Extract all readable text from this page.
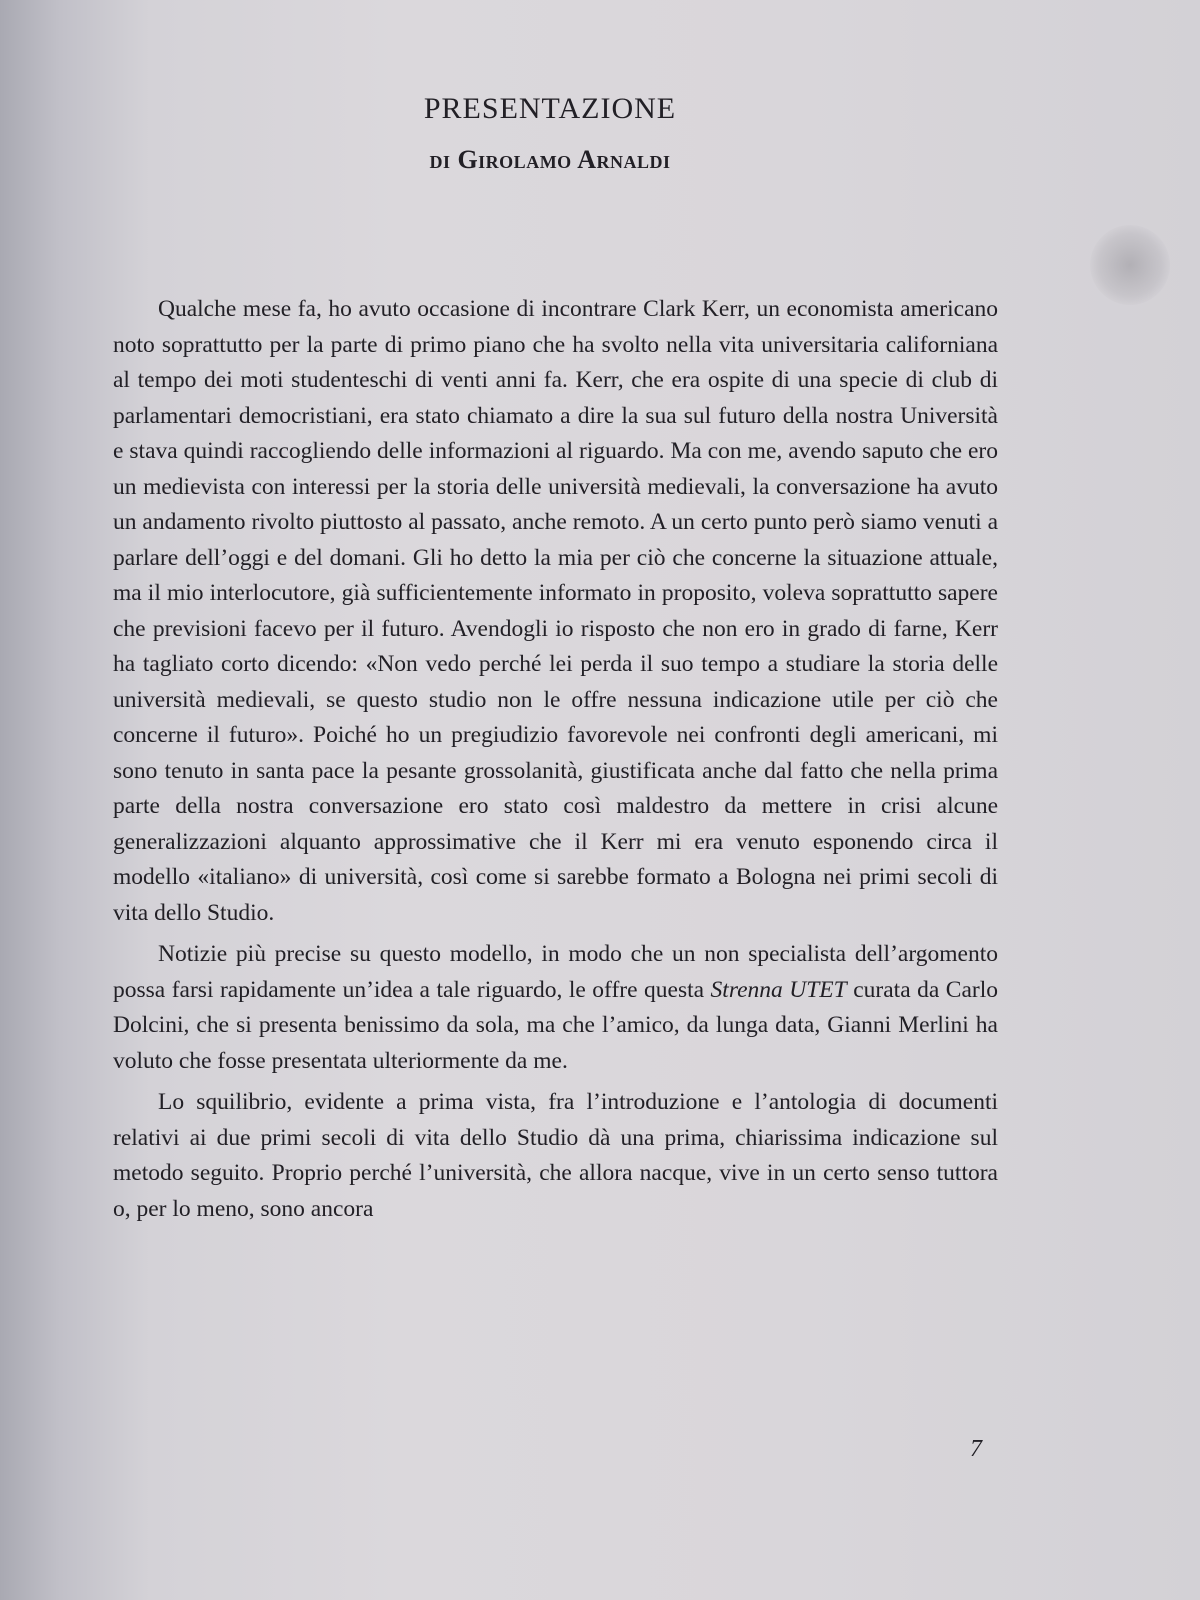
PRESENTAZIONE
di Girolamo Arnaldi

Qualche mese fa, ho avuto occasione di incontrare Clark Kerr, un economista americano noto soprattutto per la parte di primo piano che ha svolto nella vita universitaria californiana al tempo dei moti studenteschi di venti anni fa. Kerr, che era ospite di una specie di club di parlamentari democristiani, era stato chiamato a dire la sua sul futuro della nostra Università e stava quindi raccogliendo delle informazioni al riguardo. Ma con me, avendo saputo che ero un medievista con interessi per la storia delle università medievali, la conversazione ha avuto un andamento rivolto piuttosto al passato, anche remoto. A un certo punto però siamo venuti a parlare dell’oggi e del domani. Gli ho detto la mia per ciò che concerne la situazione attuale, ma il mio interlocutore, già sufficientemente informato in proposito, voleva soprattutto sapere che previsioni facevo per il futuro. Avendogli io risposto che non ero in grado di farne, Kerr ha tagliato corto dicendo: «Non vedo perché lei perda il suo tempo a studiare la storia delle università medievali, se questo studio non le offre nessuna indicazione utile per ciò che concerne il futuro». Poiché ho un pregiudizio favorevole nei confronti degli americani, mi sono tenuto in santa pace la pesante grossolanità, giustificata anche dal fatto che nella prima parte della nostra conversazione ero stato così maldestro da mettere in crisi alcune generalizzazioni alquanto approssimative che il Kerr mi era venuto esponendo circa il modello «italiano» di università, così come si sarebbe formato a Bologna nei primi secoli di vita dello Studio.

Notizie più precise su questo modello, in modo che un non specialista dell’argomento possa farsi rapidamente un’idea a tale riguardo, le offre questa Strenna UTET curata da Carlo Dolcini, che si presenta benissimo da sola, ma che l’amico, da lunga data, Gianni Merlini ha voluto che fosse presentata ulteriormente da me.

Lo squilibrio, evidente a prima vista, fra l’introduzione e l’antologia di documenti relativi ai due primi secoli di vita dello Studio dà una prima, chiarissima indicazione sul metodo seguito. Proprio perché l’università, che allora nacque, vive in un certo senso tuttora o, per lo meno, sono ancora

7
